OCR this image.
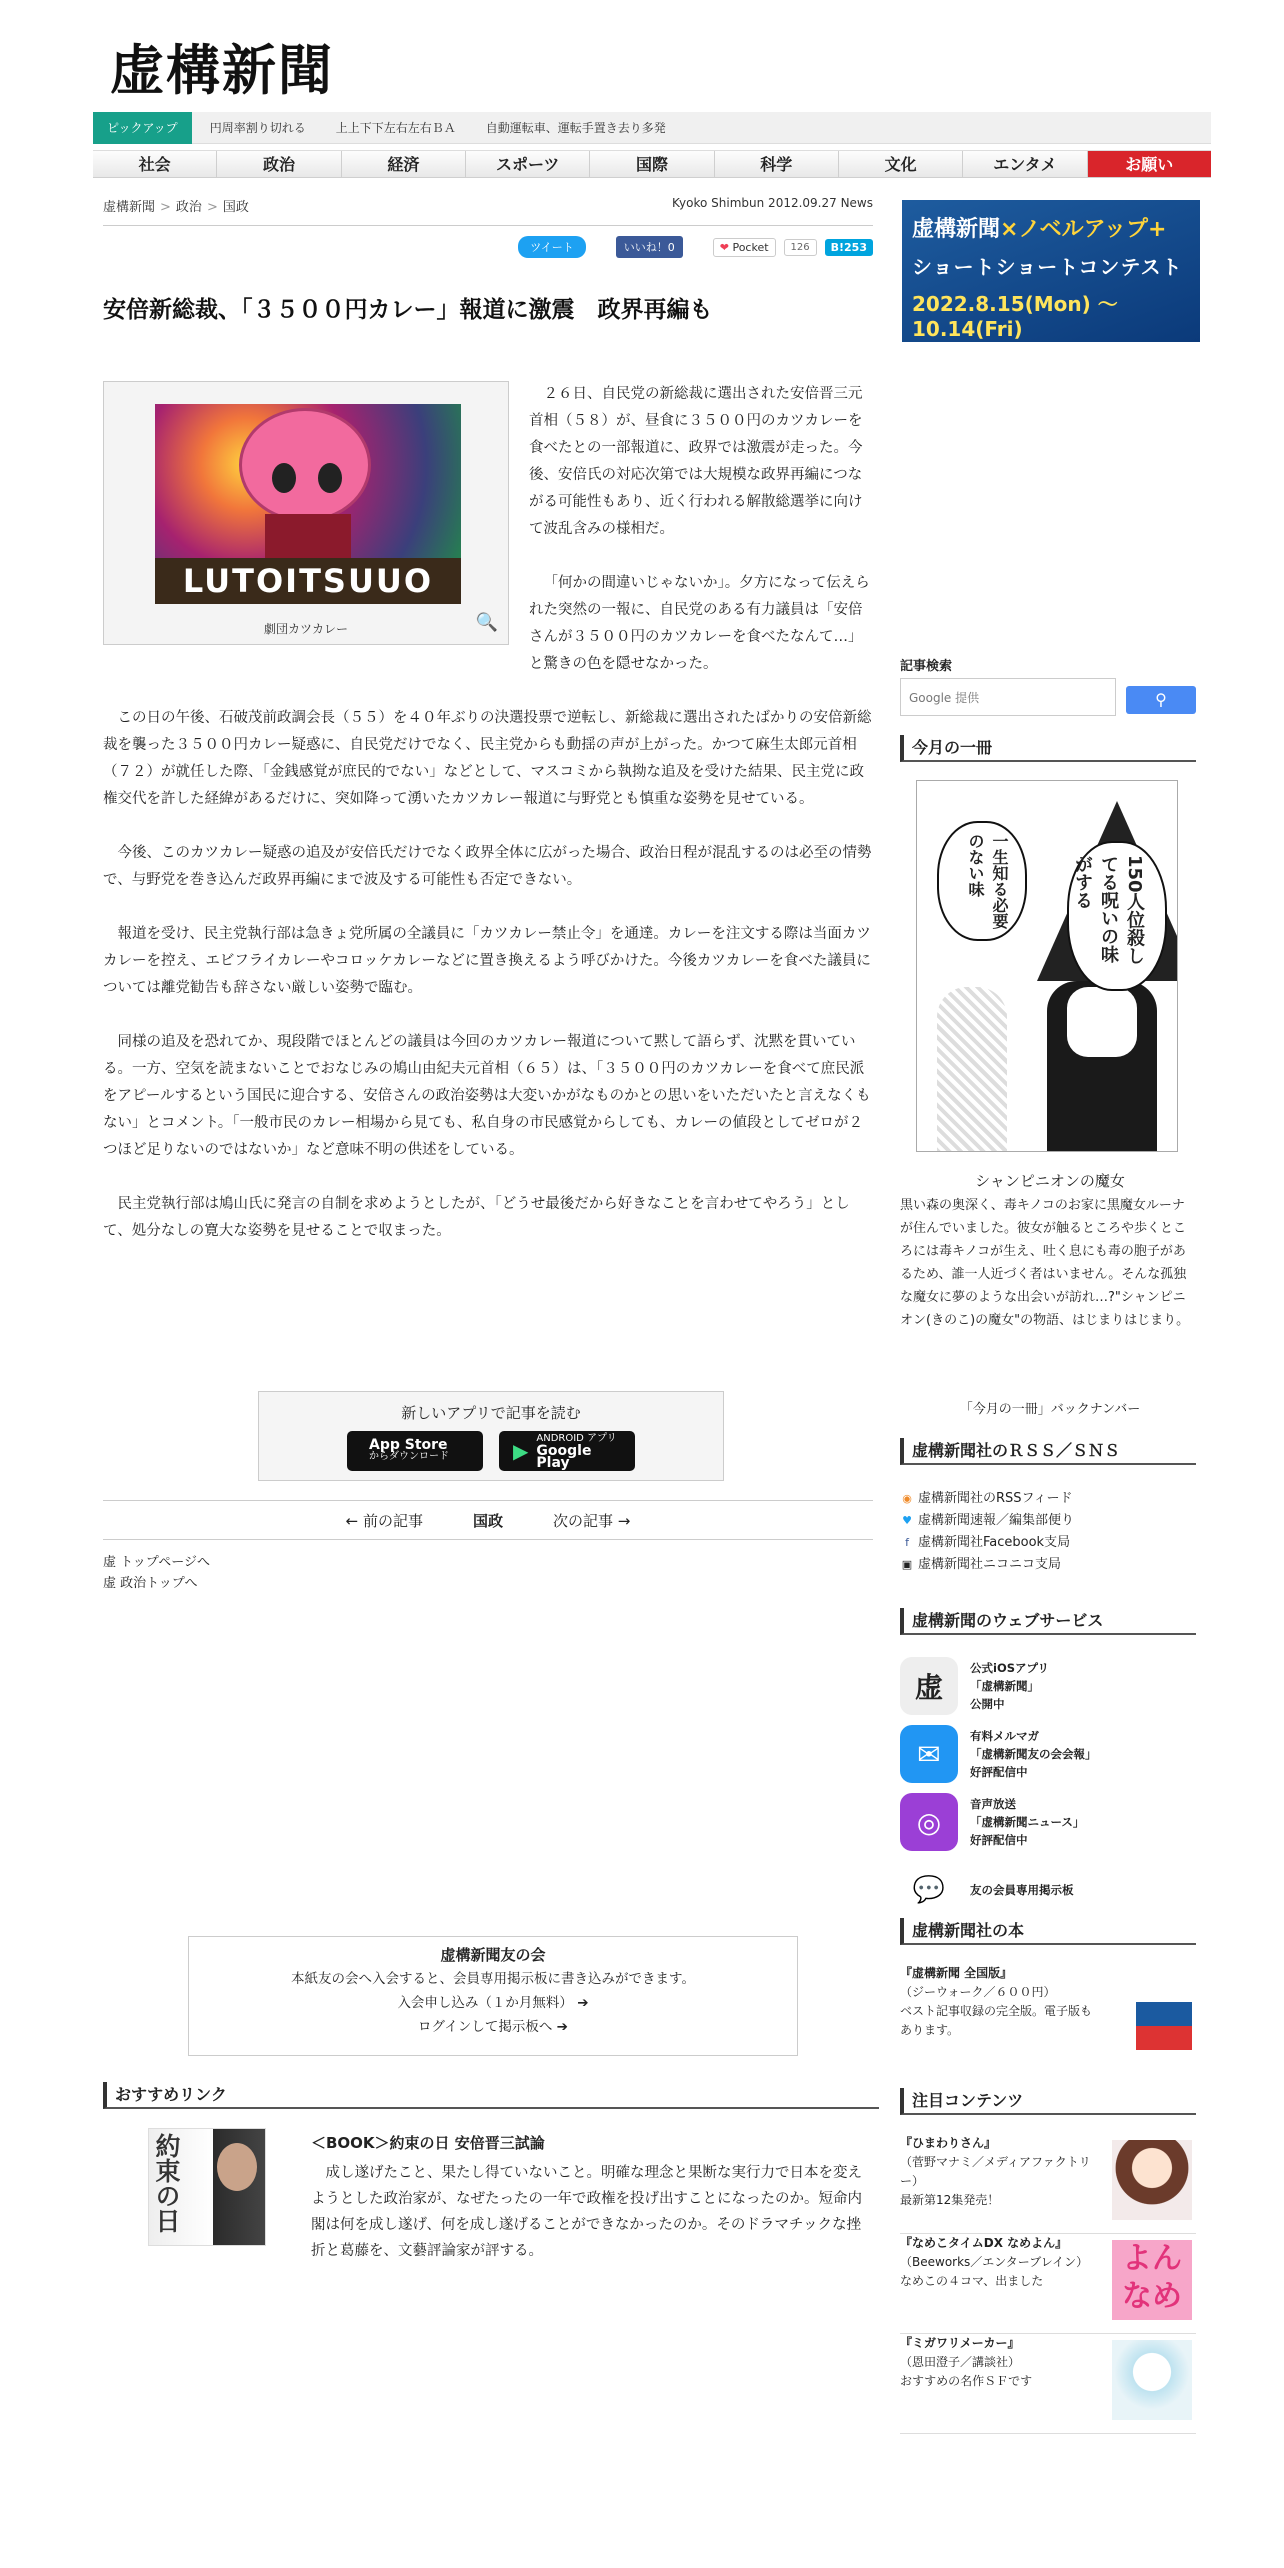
虚構新聞
ピックアップ	円周率割り切れる	上上下下左右左右ＢＡ	自動運転車、運転手置き去り多発
社会	政治	経済	スポーツ	国際	科学	文化	エンタメ	お願い
虚構新聞 > 政治 > 国政	Kyoko Shimbun 2012.09.27 News
ツイート	いいね！0	❤ Pocket	126	B!253
安倍新総裁、「３５００円カレー」報道に激震　政界再編も
LUTOITSUUO
劇団カツカレー	🔍

２６日、自民党の新総裁に選出された安倍晋三元首相（５８）が、昼食に３５００円のカツカレーを食べたとの一部報道に、政界では激震が走った。今後、安倍氏の対応次第では大規模な政界再編につながる可能性もあり、近く行われる解散総選挙に向けて波乱含みの様相だ。

「何かの間違いじゃないか」。夕方になって伝えられた突然の一報に、自民党のある有力議員は「安倍さんが３５００円のカツカレーを食べたなんて…」と驚きの色を隠せなかった。

この日の午後、石破茂前政調会長（５５）を４０年ぶりの決選投票で逆転し、新総裁に選出されたばかりの安倍新総裁を襲った３５００円カレー疑惑に、自民党だけでなく、民主党からも動揺の声が上がった。かつて麻生太郎元首相（７２）が就任した際、「金銭感覚が庶民的でない」などとして、マスコミから執拗な追及を受けた結果、民主党に政権交代を許した経緯があるだけに、突如降って湧いたカツカレー報道に与野党とも慎重な姿勢を見せている。

今後、このカツカレー疑惑の追及が安倍氏だけでなく政界全体に広がった場合、政治日程が混乱するのは必至の情勢で、与野党を巻き込んだ政界再編にまで波及する可能性も否定できない。

報道を受け、民主党執行部は急きょ党所属の全議員に「カツカレー禁止令」を通達。カレーを注文する際は当面カツカレーを控え、エビフライカレーやコロッケカレーなどに置き換えるよう呼びかけた。今後カツカレーを食べた議員については離党勧告も辞さない厳しい姿勢で臨む。

同様の追及を恐れてか、現段階でほとんどの議員は今回のカツカレー報道について黙して語らず、沈黙を貫いている。一方、空気を読まないことでおなじみの鳩山由紀夫元首相（６５）は、「３５００円のカツカレーを食べて庶民派をアピールするという国民に迎合する、安倍さんの政治姿勢は大変いかがなものかとの思いをいただいたと言えなくもない」とコメント。「一般市民のカレー相場から見ても、私自身の市民感覚からしても、カレーの値段としてゼロが２つほど足りないのではないか」など意味不明の供述をしている。

民主党執行部は鳩山氏に発言の自制を求めようとしたが、「どうせ最後だから好きなことを言わせてやろう」として、処分なしの寛大な姿勢を見せることで収まった。

新しいアプリで記事を読む
App Store
からダウンロード	▶
ANDROID アプリ
Google Play
← 前の記事	国政	次の記事 →
虚 トップページへ
虚 政治トップへ
虚構新聞友の会
本紙友の会へ入会すると、会員専用掲示板に書き込みができます。
入会申し込み（１か月無料） ➔
ログインして掲示板へ ➔
おすすめリンク
約束の日	＜BOOK＞約束の日 安倍晋三試論
成し遂げたこと、果たし得ていないこと。明確な理念と果断な実行力で日本を変えようとした政治家が、なぜたったの一年で政権を投げ出すことになったのか。短命内閣は何を成し遂げ、何を成し遂げることができなかったのか。そのドラマチックな挫折と葛藤を、文藝評論家が評する。
虚構新聞×ノベルアップ+
ショートショートコンテスト
2022.8.15(Mon) 〜10.14(Fri)
記事検索
Google 提供	⚲
今月の一冊
150人位殺してる呪いの味がする
一生知る必要のない味
シャンピニオンの魔女
黒い森の奥深く、毒キノコのお家に黒魔女ルーナが住んでいました。彼女が触るところや歩くところには毒キノコが生え、吐く息にも毒の胞子があるため、誰一人近づく者はいません。そんな孤独な魔女に夢のような出会いが訪れ…?"シャンピニオン(きのこ)の魔女"の物語、はじまりはじまり。
「今月の一冊」バックナンバー
虚構新聞社のＲＳＳ／ＳＮＳ
◉ 虚構新聞社のRSSフィード
♥ 虚構新聞速報／編集部便り
f 虚構新聞社Facebook支局
▣ 虚構新聞社ニコニコ支局
虚構新聞のウェブサービス
虚
公式iOSアプリ
「虚構新聞」
公開中
✉
有料メルマガ
「虚構新聞友の会会報」
好評配信中
◎
音声放送
「虚構新聞ニュース」
好評配信中
💬	友の会員専用掲示板
虚構新聞社の本
『虚構新聞 全国版』
（ジーウォーク／６００円）
ベスト記事収録の完全版。電子版もあります。
注目コンテンツ
『ひまわりさん』
（菅野マナミ／メディアファクトリー）
最新第12集発売！
『なめこタイムDX なめよん』
（Beeworks／エンターブレイン）
なめこの４コマ、出ました
よん なめ
『ミガワリメーカー』
（恩田澄子／講談社）
おすすめの名作ＳＦです
